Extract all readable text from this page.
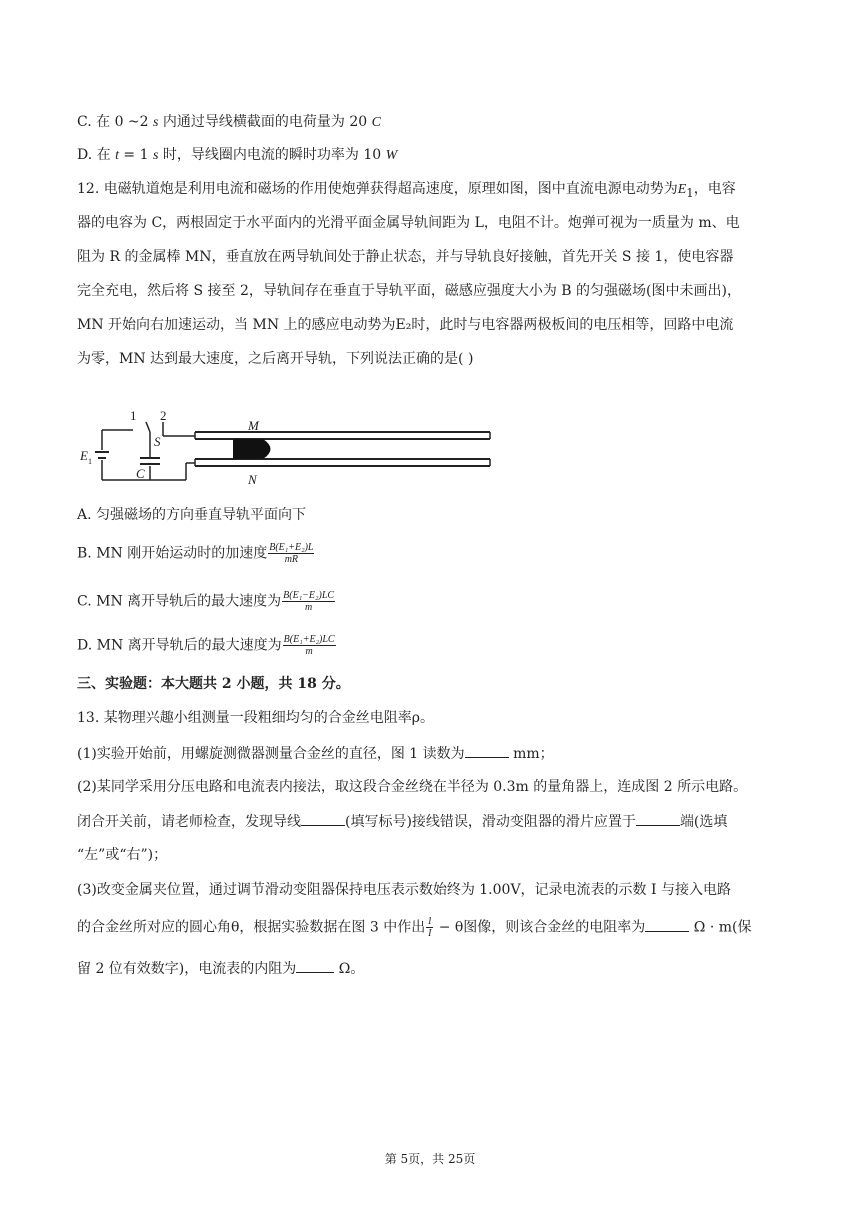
C. 在 0 ~2 s 内通过导线横截面的电荷量为 20 C
D. 在 t = 1 s 时，导线圈内电流的瞬时功率为 10 W
12. 电磁轨道炮是利用电流和磁场的作用使炮弹获得超高速度，原理如图，图中直流电源电动势为$E_1$，电容
器的电容为 C，两根固定于水平面内的光滑平面金属导轨间距为 L，电阻不计。炮弹可视为一质量为 m、电
阻为 R 的金属棒 MN，垂直放在两导轨间处于静止状态，并与导轨良好接触，首先开关 S 接 1，使电容器
完全充电，然后将 S 接至 2，导轨间存在垂直于导轨平面，磁感应强度大小为 B 的匀强磁场(图中未画出)，
MN 开始向右加速运动，当 MN 上的感应电动势为E₂时，此时与电容器两极板间的电压相等，回路中电流
为零，MN 达到最大速度，之后离开导轨，下列说法正确的是( )
1 2
S
C
E 1
M
N
A. 匀强磁场的方向垂直导轨平面向下
B. MN 刚开始运动时的加速度 $\frac{\text{B(E₁+E₂)L}}{mR}$
C. MN 离开导轨后的最大速度为 $\frac{\text{B(E₁−E₂)LC}}{m}$
D. MN 离开导轨后的最大速度为 $\frac{\text{B(E₁+E₂)LC}}{m}$
三、实验题：本大题共 2 小题，共 18 分。
13. 某物理兴趣小组测量一段粗细均匀的合金丝电阻率ρ。
(1)实验开始前，用螺旋测微器测量合金丝的直径，图 1 读数为	mm；
(2)某同学采用分压电路和电流表内接法，取这段合金丝绕在半径为 0.3m 的量角器上，连成图 2 所示电路。
闭合开关前，请老师检查，发现导线	(填写标号)接线错误，滑动变阻器的滑片应置于	端(选填
“左”或“右”)；
(3)改变金属夹位置，通过调节滑动变阻器保持电压表示数始终为 1.00V，记录电流表的示数 I 与接入电路
的合金丝所对应的圆心角θ，根据实验数据在图 3 中作出 $\frac{1}{I} - \theta$图像，则该合金丝的电阻率为	Ω · m(保
留 2 位有效数字)，电流表的内阻为	Ω。
第 5页，共 25页
